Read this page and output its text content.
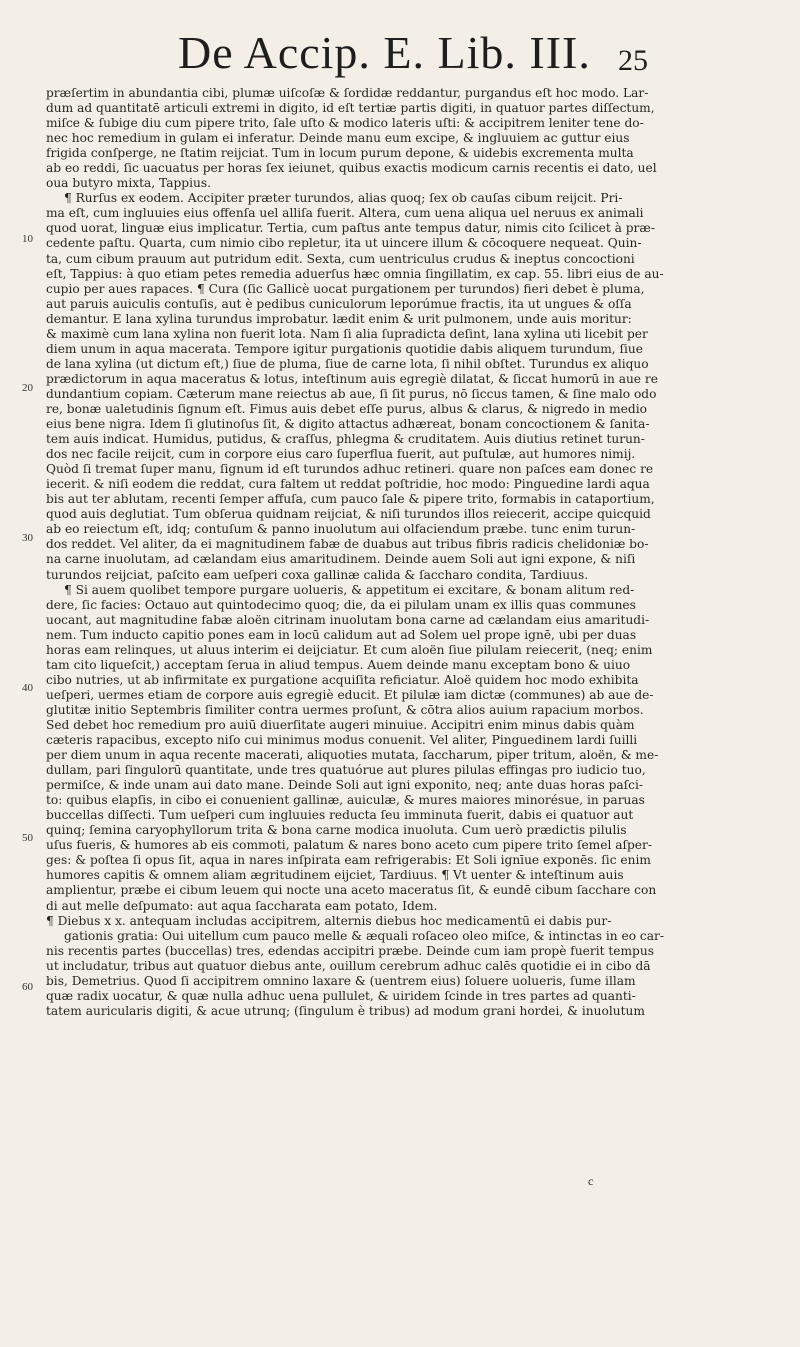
De Accip. E. Lib. III. 25
10
20
30
40
50
60
præſertim in abundantia cibi, plumæ uiſcoſæ & ſordidæ reddantur, purgandus eſt hoc modo. Lar-
dum ad quantitatē articuli extremi in digito, id eſt tertiæ partis digiti, in quatuor partes diſſectum,
miſce & ſubige diu cum pipere trito, ſale uſto & modico lateris uſti: & accipitrem leniter tene do-
nec hoc remedium in gulam ei inferatur. Deinde manu eum excipe, & ingluuiem ac guttur eius
frigida conſperge, ne ſtatim reijciat. Tum in locum purum depone, & uidebis excrementa multa
ab eo reddi, ſic uacuatus per horas ſex ieiunet, quibus exactis modicum carnis recentis ei dato, uel
oua butyro mixta, Tappius.
¶ Rurſus ex eodem. Accipiter præter turundos, alias quoq; ſex ob cauſas cibum reijcit. Pri-
ma eſt, cum ingluuies eius offenſa uel alliſa fuerit. Altera, cum uena aliqua uel neruus ex animali
quod uorat, linguæ eius implicatur. Tertia, cum paſtus ante tempus datur, nimis cito ſcilicet à præ-
cedente paſtu. Quarta, cum nimio cibo repletur, ita ut uincere illum & cōcoquere nequeat. Quin-
ta, cum cibum prauum aut putridum edit. Sexta, cum uentriculus crudus & ineptus concoctioni
eſt, Tappius: à quo etiam petes remedia aduerſus hæc omnia ſingillatim, ex cap. 55. libri eius de au-
cupio per aues rapaces. ¶ Cura (ſic Gallicè uocat purgationem per turundos) fieri debet è pluma,
aut paruis auiculis contuſis, aut è pedibus cuniculorum leporúmue fractis, ita ut ungues & oſſa
demantur. E lana xylina turundus improbatur. lædit enim & urit pulmonem, unde auis moritur:
& maximè cum lana xylina non fuerit lota. Nam ſi alia ſupradicta deſint, lana xylina uti licebit per
diem unum in aqua macerata. Tempore igitur purgationis quotidie dabis aliquem turundum, ſiue
de lana xylina (ut dictum eſt,) ſiue de pluma, ſiue de carne lota, ſi nihil obſtet. Turundus ex aliquo
prædictorum in aqua maceratus & lotus, inteſtinum auis egregiè dilatat, & ſiccat humorū in aue re
dundantium copiam. Cæterum mane reiectus ab aue, ſi ſit purus, nō ſiccus tamen, & ſine malo odo
re, bonæ ualetudinis ſignum eſt. Fimus auis debet eſſe purus, albus & clarus, & nigredo in medio
eius bene nigra. Idem ſi glutinoſus ſit, & digito attactus adhæreat, bonam concoctionem & ſanita-
tem auis indicat. Humidus, putidus, & craſſus, phlegma & cruditatem. Auis diutius retinet turun-
dos nec facile reijcit, cum in corpore eius caro ſuperflua fuerit, aut puſtulæ, aut humores nimij.
Quòd ſi tremat ſuper manu, ſignum id eſt turundos adhuc retineri. quare non paſces eam donec re
iecerit. & niſi eodem die reddat, cura faltem ut reddat poſtridie, hoc modo: Pinguedine lardi aqua
bis aut ter ablutam, recenti ſemper affuſa, cum pauco ſale & pipere trito, formabis in cataportium,
quod auis deglutiat. Tum obſerua quidnam reijciat, & niſi turundos illos reiecerit, accipe quicquid
ab eo reiectum eſt, idq; contuſum & panno inuolutum aui olfaciendum præbe. tunc enim turun-
dos reddet. Vel aliter, da ei magnitudinem fabæ de duabus aut tribus fibris radicis chelidoniæ bo-
na carne inuolutam, ad cælandam eius amaritudinem. Deinde auem Soli aut igni expone, & niſi
turundos reijciat, paſcito eam ueſperi coxa gallinæ calida & ſaccharo condita, Tardiuus.
¶ Si auem quolibet tempore purgare uolueris, & appetitum ei excitare, & bonam alitum red-
dere, ſic facies: Octauo aut quintodecimo quoq; die, da ei pilulam unam ex illis quas communes
uocant, aut magnitudine fabæ aloën citrinam inuolutam bona carne ad cælandam eius amaritudi-
nem. Tum inducto capitio pones eam in locū calidum aut ad Solem uel prope ignē, ubi per duas
horas eam relinques, ut aluus interim ei deijciatur. Et cum aloën ſiue pilulam reiecerit, (neq; enim
tam cito liqueſcit,) acceptam ſerua in aliud tempus. Auem deinde manu exceptam bono & uiuo
cibo nutries, ut ab infirmitate ex purgatione acquiſita reficiatur. Aloë quidem hoc modo exhibita
ueſperi, uermes etiam de corpore auis egregiè educit. Et pilulæ iam dictæ (communes) ab aue de-
glutitæ initio Septembris ſimiliter contra uermes proſunt, & cōtra alios auium rapacium morbos.
Sed debet hoc remedium pro auiū diuerſitate augeri minuiue. Accipitri enim minus dabis quàm
cæteris rapacibus, excepto niſo cui minimus modus conuenit. Vel aliter, Pinguedinem lardi ſuilli
per diem unum in aqua recente macerati, aliquoties mutata, ſaccharum, piper tritum, aloën, & me-
dullam, pari ſingulorū quantitate, unde tres quatuórue aut plures pilulas effingas pro iudicio tuo,
permiſce, & inde unam aui dato mane. Deinde Soli aut igni exponito, neq; ante duas horas paſci-
to: quibus elapſis, in cibo ei conuenient gallinæ, auiculæ, & mures maiores minorésue, in paruas
buccellas diſſecti. Tum ueſperi cum ingluuies reducta ſeu imminuta fuerit, dabis ei quatuor aut
quinq; ſemina caryophyllorum trita & bona carne modica inuoluta. Cum uerò prædictis pilulis
uſus fueris, & humores ab eis commoti, palatum & nares bono aceto cum pipere trito ſemel aſper-
ges: & poſtea ſi opus ſit, aqua in nares inſpirata eam refrigerabis: Et Soli ignīue exponēs. ſic enim
humores capitis & omnem aliam ægritudinem eijciet, Tardiuus. ¶ Vt uenter & inteſtinum auis
amplientur, præbe ei cibum leuem qui nocte una aceto maceratus ſit, & eundē cibum ſacchare con
di aut melle deſpumato: aut aqua ſaccharata eam potato, Idem.
¶ Diebus x x. antequam includas accipitrem, alternis diebus hoc medicamentū ei dabis pur-
gationis gratia: Oui uitellum cum pauco melle & æquali roſaceo oleo miſce, & intinctas in eo car-
nis recentis partes (buccellas) tres, edendas accipitri præbe. Deinde cum iam propè fuerit tempus
ut includatur, tribus aut quatuor diebus ante, ouillum cerebrum adhuc calēs quotidie ei in cibo dā
bis, Demetrius. Quod ſi accipitrem omnino laxare & (uentrem eius) ſoluere uolueris, ſume illam
quæ radix uocatur, & quæ nulla adhuc uena pullulet, & uiridem ſcinde in tres partes ad quanti-
tatem auricularis digiti, & acue utrunq; (ſingulum è tribus) ad modum grani hordei, & inuolutum
c
